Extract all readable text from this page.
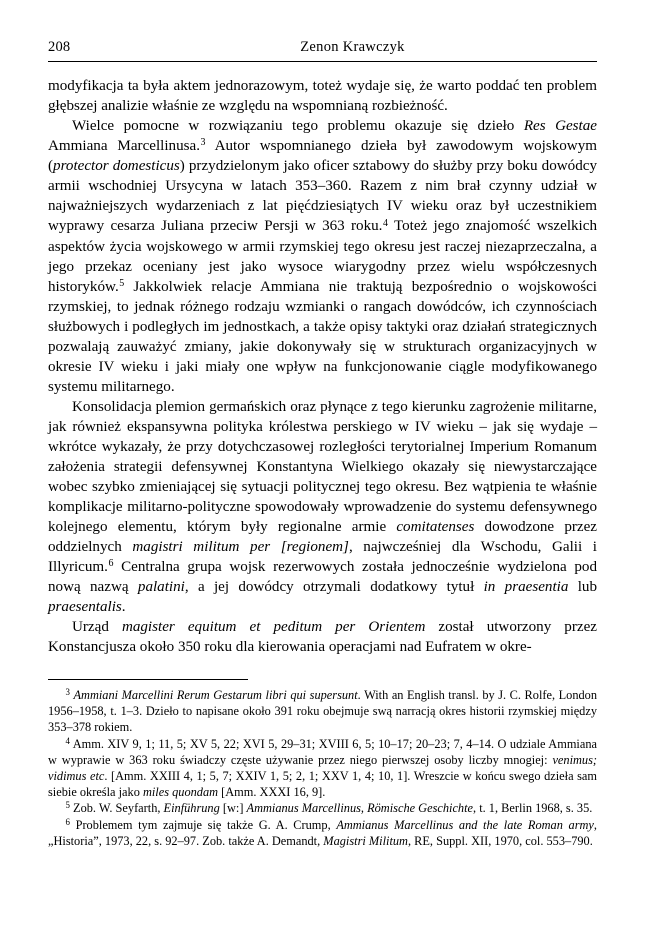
208	Zenon Krawczyk

modyfikacja ta była aktem jednorazowym, toteż wydaje się, że warto poddać ten problem głębszej analizie właśnie ze względu na wspomnianą rozbieżność.

Wielce pomocne w rozwiązaniu tego problemu okazuje się dzieło Res Gestae Ammiana Marcellinusa.$^3$ Autor wspomnianego dzieła był zawodowym wojskowym (protector domesticus) przydzielonym jako oficer sztabowy do służby przy boku dowódcy armii wschodniej Ursycyna w latach 353–360. Razem z nim brał czynny udział w najważniejszych wydarzeniach z lat pięćdziesiątych IV wieku oraz był uczestnikiem wyprawy cesarza Juliana przeciw Persji w 363 roku.$^4$ Toteż jego znajomość wszelkich aspektów życia wojskowego w armii rzymskiej tego okresu jest raczej niezaprzeczalna, a jego przekaz oceniany jest jako wysoce wiarygodny przez wielu współczesnych historyków.$^5$ Jakkolwiek relacje Ammiana nie traktują bezpośrednio o wojskowości rzymskiej, to jednak różnego rodzaju wzmianki o rangach dowódców, ich czynnościach służbowych i podległych im jednostkach, a także opisy taktyki oraz działań strategicznych pozwalają zauważyć zmiany, jakie dokonywały się w strukturach organizacyjnych w okresie IV wieku i jaki miały one wpływ na funkcjonowanie ciągle modyfikowanego systemu militarnego.

Konsolidacja plemion germańskich oraz płynące z tego kierunku zagrożenie militarne, jak również ekspansywna polityka królestwa perskiego w IV wieku – jak się wydaje – wkrótce wykazały, że przy dotychczasowej rozległości terytorialnej Imperium Romanum założenia strategii defensywnej Konstantyna Wielkiego okazały się niewystarczające wobec szybko zmieniającej się sytuacji politycznej tego okresu. Bez wątpienia te właśnie komplikacje militarno-polityczne spowodowały wprowadzenie do systemu defensywnego kolejnego elementu, którym były regionalne armie comitatenses dowodzone przez oddzielnych magistri militum per [regionem], najwcześniej dla Wschodu, Galii i Illyricum.$^6$ Centralna grupa wojsk rezerwowych została jednocześnie wydzielona pod nową nazwą palatini, a jej dowódcy otrzymali dodatkowy tytuł in praesentia lub praesentalis.

Urząd magister equitum et peditum per Orientem został utworzony przez Konstancjusza około 350 roku dla kierowania operacjami nad Eufratem w okre-

$^3$ Ammiani Marcellini Rerum Gestarum libri qui supersunt. With an English transl. by J. C. Rolfe, London 1956–1958, t. 1–3. Dzieło to napisane około 391 roku obejmuje swą narracją okres historii rzymskiej między 353–378 rokiem.

$^4$ Amm. XIV 9, 1; 11, 5; XV 5, 22; XVI 5, 29–31; XVIII 6, 5; 10–17; 20–23; 7, 4–14. O udziale Ammiana w wyprawie w 363 roku świadczy częste używanie przez niego pierwszej osoby liczby mnogiej: venimus; vidimus etc. [Amm. XXIII 4, 1; 5, 7; XXIV 1, 5; 2, 1; XXV 1, 4; 10, 1]. Wreszcie w końcu swego dzieła sam siebie określa jako miles quondam [Amm. XXXI 16, 9].

$^5$ Zob. W. Seyfarth, Einführung [w:] Ammianus Marcellinus, Römische Geschichte, t. 1, Berlin 1968, s. 35.

$^6$ Problemem tym zajmuje się także G. A. Crump, Ammianus Marcellinus and the late Roman army, „Historia”, 1973, 22, s. 92–97. Zob. także A. Demandt, Magistri Militum, RE, Suppl. XII, 1970, col. 553–790.
